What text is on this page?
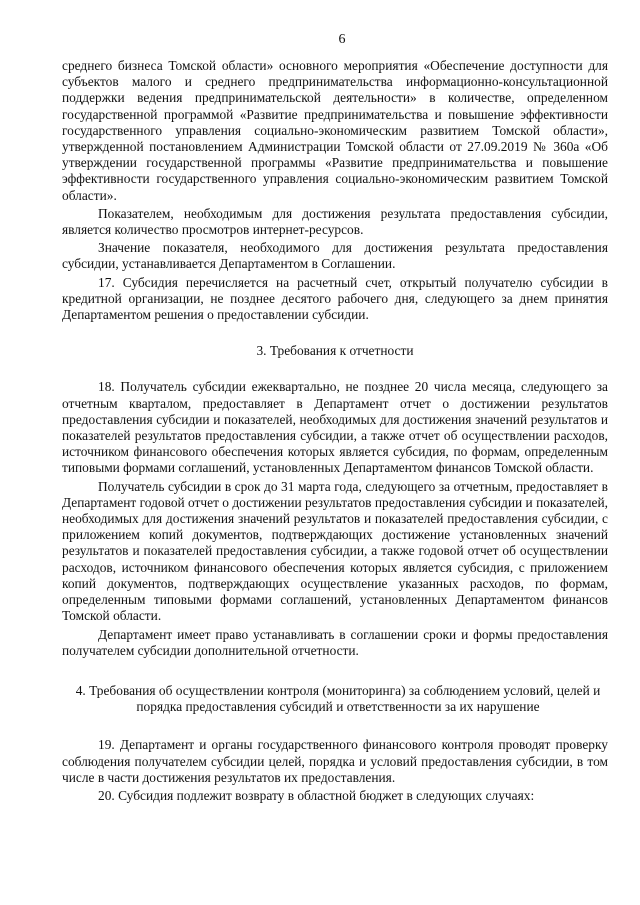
6

среднего бизнеса Томской области» основного мероприятия «Обеспечение доступности для субъектов малого и среднего предпринимательства информационно-консультационной поддержки ведения предпринимательской деятельности» в количестве, определенном государственной программой «Развитие предпринимательства и повышение эффективности государственного управления социально-экономическим развитием Томской области», утвержденной постановлением Администрации Томской области от 27.09.2019 № 360а «Об утверждении государственной программы «Развитие предпринимательства и повышение эффективности государственного управления социально-экономическим развитием Томской области».

Показателем, необходимым для достижения результата предоставления субсидии, является количество просмотров интернет-ресурсов.

Значение показателя, необходимого для достижения результата предоставления субсидии, устанавливается Департаментом в Соглашении.

17. Субсидия перечисляется на расчетный счет, открытый получателю субсидии в кредитной организации, не позднее десятого рабочего дня, следующего за днем принятия Департаментом решения о предоставлении субсидии.

3. Требования к отчетности

18. Получатель субсидии ежеквартально, не позднее 20 числа месяца, следующего за отчетным кварталом, предоставляет в Департамент отчет о достижении результатов предоставления субсидии и показателей, необходимых для достижения значений результатов и показателей результатов предоставления субсидии, а также отчет об осуществлении расходов, источником финансового обеспечения которых является субсидия, по формам, определенным типовыми формами соглашений, установленных Департаментом финансов Томской области.

Получатель субсидии в срок до 31 марта года, следующего за отчетным, предоставляет в Департамент годовой отчет о достижении результатов предоставления субсидии и показателей, необходимых для достижения значений результатов и показателей предоставления субсидии, с приложением копий документов, подтверждающих достижение установленных значений результатов и показателей предоставления субсидии, а также годовой отчет об осуществлении расходов, источником финансового обеспечения которых является субсидия, с приложением копий документов, подтверждающих осуществление указанных расходов, по формам, определенным типовыми формами соглашений, установленных Департаментом финансов Томской области.

Департамент имеет право устанавливать в соглашении сроки и формы предоставления получателем субсидии дополнительной отчетности.

4. Требования об осуществлении контроля (мониторинга) за соблюдением условий, целей и порядка предоставления субсидий и ответственности за их нарушение

19. Департамент и органы государственного финансового контроля проводят проверку соблюдения получателем субсидии целей, порядка и условий предоставления субсидии, в том числе в части достижения результатов их предоставления.

20. Субсидия подлежит возврату в областной бюджет в следующих случаях:
